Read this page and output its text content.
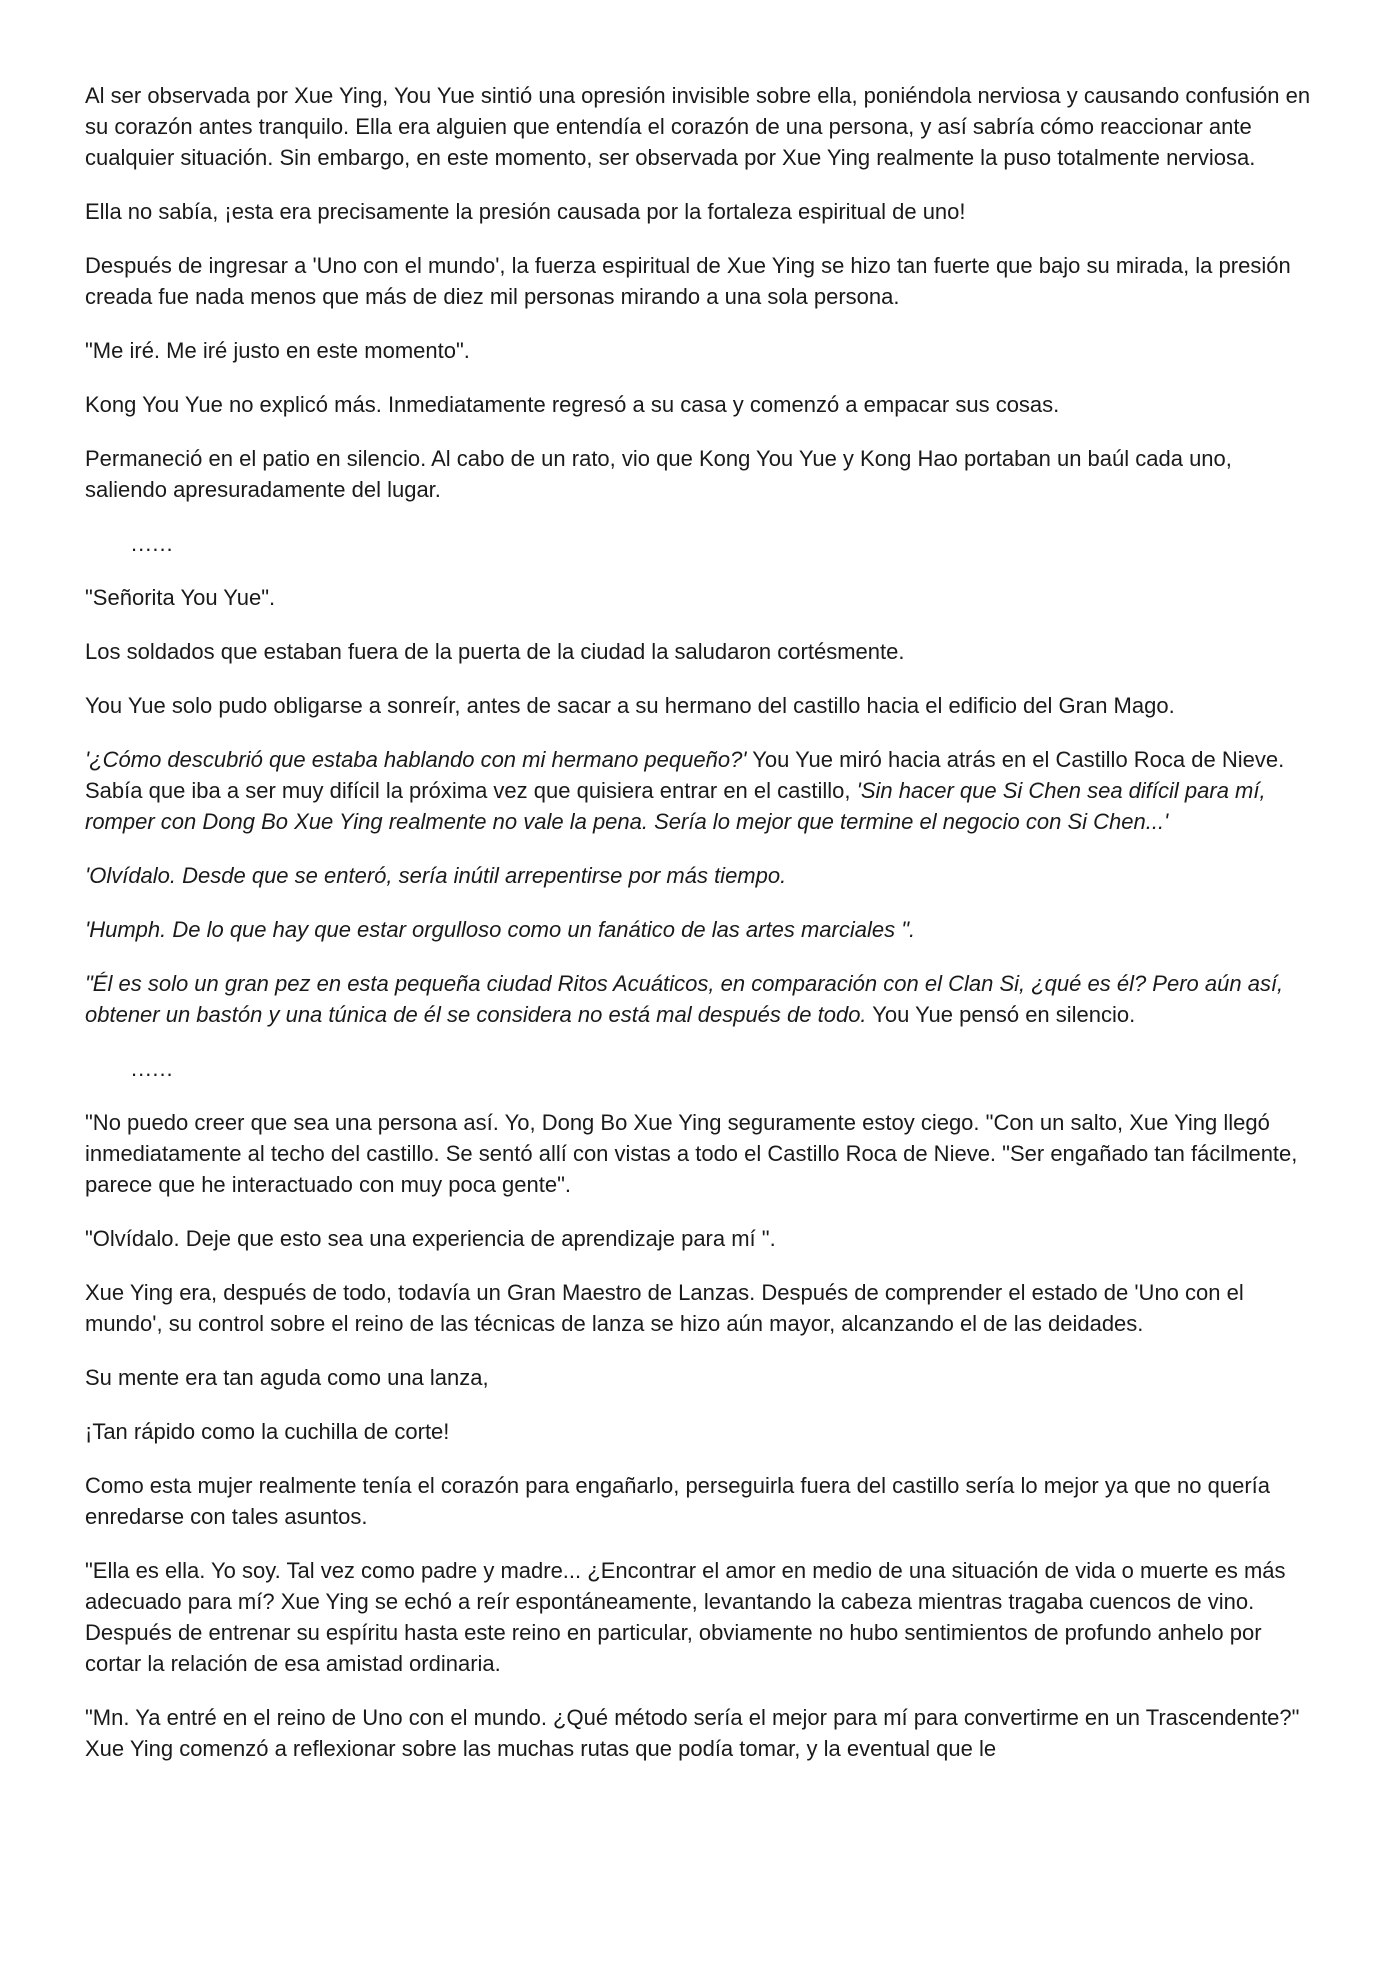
Al ser observada por Xue Ying, You Yue sintió una opresión invisible sobre ella, poniéndola nerviosa y causando confusión en su corazón antes tranquilo. Ella era alguien que entendía el corazón de una persona, y así sabría cómo reaccionar ante cualquier situación. Sin embargo, en este momento, ser observada por Xue Ying realmente la puso totalmente nerviosa.

Ella no sabía, ¡esta era precisamente la presión causada por la fortaleza espiritual de uno!

Después de ingresar a 'Uno con el mundo', la fuerza espiritual de Xue Ying se hizo tan fuerte que bajo su mirada, la presión creada fue nada menos que más de diez mil personas mirando a una sola persona.

"Me iré. Me iré justo en este momento".

Kong You Yue no explicó más. Inmediatamente regresó a su casa y comenzó a empacar sus cosas.

Permaneció en el patio en silencio. Al cabo de un rato, vio que Kong You Yue y Kong Hao portaban un baúl cada uno, saliendo apresuradamente del lugar.

......

"Señorita You Yue".

Los soldados que estaban fuera de la puerta de la ciudad la saludaron cortésmente.

You Yue solo pudo obligarse a sonreír, antes de sacar a su hermano del castillo hacia el edificio del Gran Mago.

'¿Cómo descubrió que estaba hablando con mi hermano pequeño?' You Yue miró hacia atrás en el Castillo Roca de Nieve. Sabía que iba a ser muy difícil la próxima vez que quisiera entrar en el castillo, 'Sin hacer que Si Chen sea difícil para mí, romper con Dong Bo Xue Ying realmente no vale la pena. Sería lo mejor que termine el negocio con Si Chen...'

'Olvídalo. Desde que se enteró, sería inútil arrepentirse por más tiempo.

'Humph. De lo que hay que estar orgulloso como un fanático de las artes marciales ".

"Él es solo un gran pez en esta pequeña ciudad Ritos Acuáticos, en comparación con el Clan Si, ¿qué es él? Pero aún así, obtener un bastón y una túnica de él se considera no está mal después de todo. You Yue pensó en silencio.

......

"No puedo creer que sea una persona así. Yo, Dong Bo Xue Ying seguramente estoy ciego. "Con un salto, Xue Ying llegó inmediatamente al techo del castillo. Se sentó allí con vistas a todo el Castillo Roca de Nieve. "Ser engañado tan fácilmente, parece que he interactuado con muy poca gente".

"Olvídalo. Deje que esto sea una experiencia de aprendizaje para mí ".

Xue Ying era, después de todo, todavía un Gran Maestro de Lanzas. Después de comprender el estado de 'Uno con el mundo', su control sobre el reino de las técnicas de lanza se hizo aún mayor, alcanzando el de las deidades.

Su mente era tan aguda como una lanza,

¡Tan rápido como la cuchilla de corte!

Como esta mujer realmente tenía el corazón para engañarlo, perseguirla fuera del castillo sería lo mejor ya que no quería enredarse con tales asuntos.

"Ella es ella. Yo soy. Tal vez como padre y madre... ¿Encontrar el amor en medio de una situación de vida o muerte es más adecuado para mí? Xue Ying se echó a reír espontáneamente, levantando la cabeza mientras tragaba cuencos de vino. Después de entrenar su espíritu hasta este reino en particular, obviamente no hubo sentimientos de profundo anhelo por cortar la relación de esa amistad ordinaria.

"Mn. Ya entré en el reino de Uno con el mundo. ¿Qué método sería el mejor para mí para convertirme en un Trascendente?" Xue Ying comenzó a reflexionar sobre las muchas rutas que podía tomar, y la eventual que le
